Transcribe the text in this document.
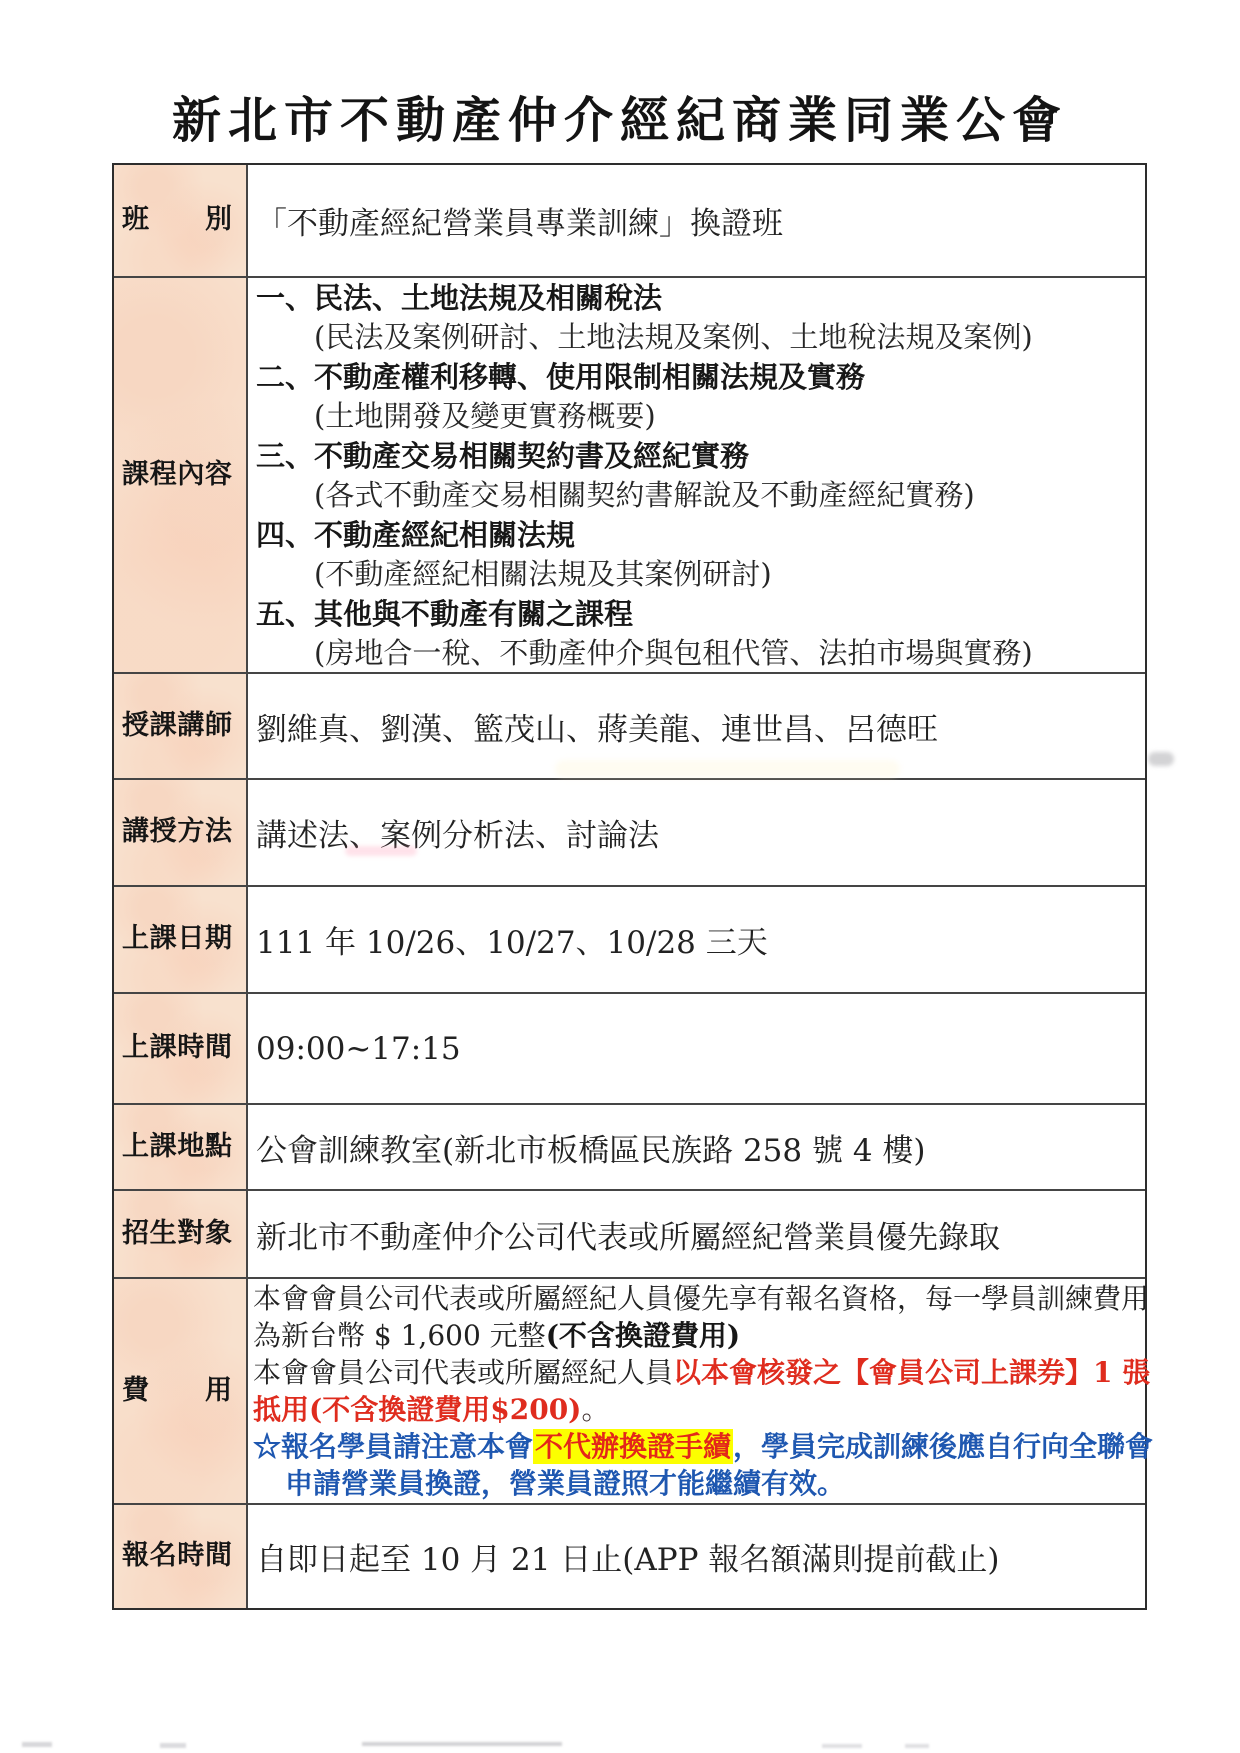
新北市不動產仲介經紀商業同業公會
班別 「不動產經紀營業員專業訓練」換證班
課程內容
一、民法、土地法規及相關稅法
(民法及案例研討、土地法規及案例、土地稅法規及案例)
二、不動產權利移轉、使用限制相關法規及實務
(土地開發及變更實務概要)
三、不動產交易相關契約書及經紀實務
(各式不動產交易相關契約書解說及不動產經紀實務)
四、不動產經紀相關法規
(不動產經紀相關法規及其案例研討)
五、其他與不動產有關之課程
(房地合一稅、不動產仲介與包租代管、法拍市場與實務)
授課講師 劉維真、劉漢、籃茂山、蔣美龍、連世昌、呂德旺
講授方法 講述法、案例分析法、討論法
上課日期 111 年 10/26、10/27、10/28 三天
上課時間 09:00~17:15
上課地點 公會訓練教室(新北市板橋區民族路 258 號 4 樓)
招生對象 新北市不動產仲介公司代表或所屬經紀營業員優先錄取
費用
本會會員公司代表或所屬經紀人員優先享有報名資格，每一學員訓練費用
為新台幣 $ 1,600 元整(不含換證費用)
本會會員公司代表或所屬經紀人員以本會核發之【會員公司上課券】1 張
抵用(不含換證費用$200)。
☆報名學員請注意本會不代辦換證手續，學員完成訓練後應自行向全聯會
申請營業員換證，營業員證照才能繼續有效。
報名時間 自即日起至 10 月 21 日止(APP 報名額滿則提前截止)
